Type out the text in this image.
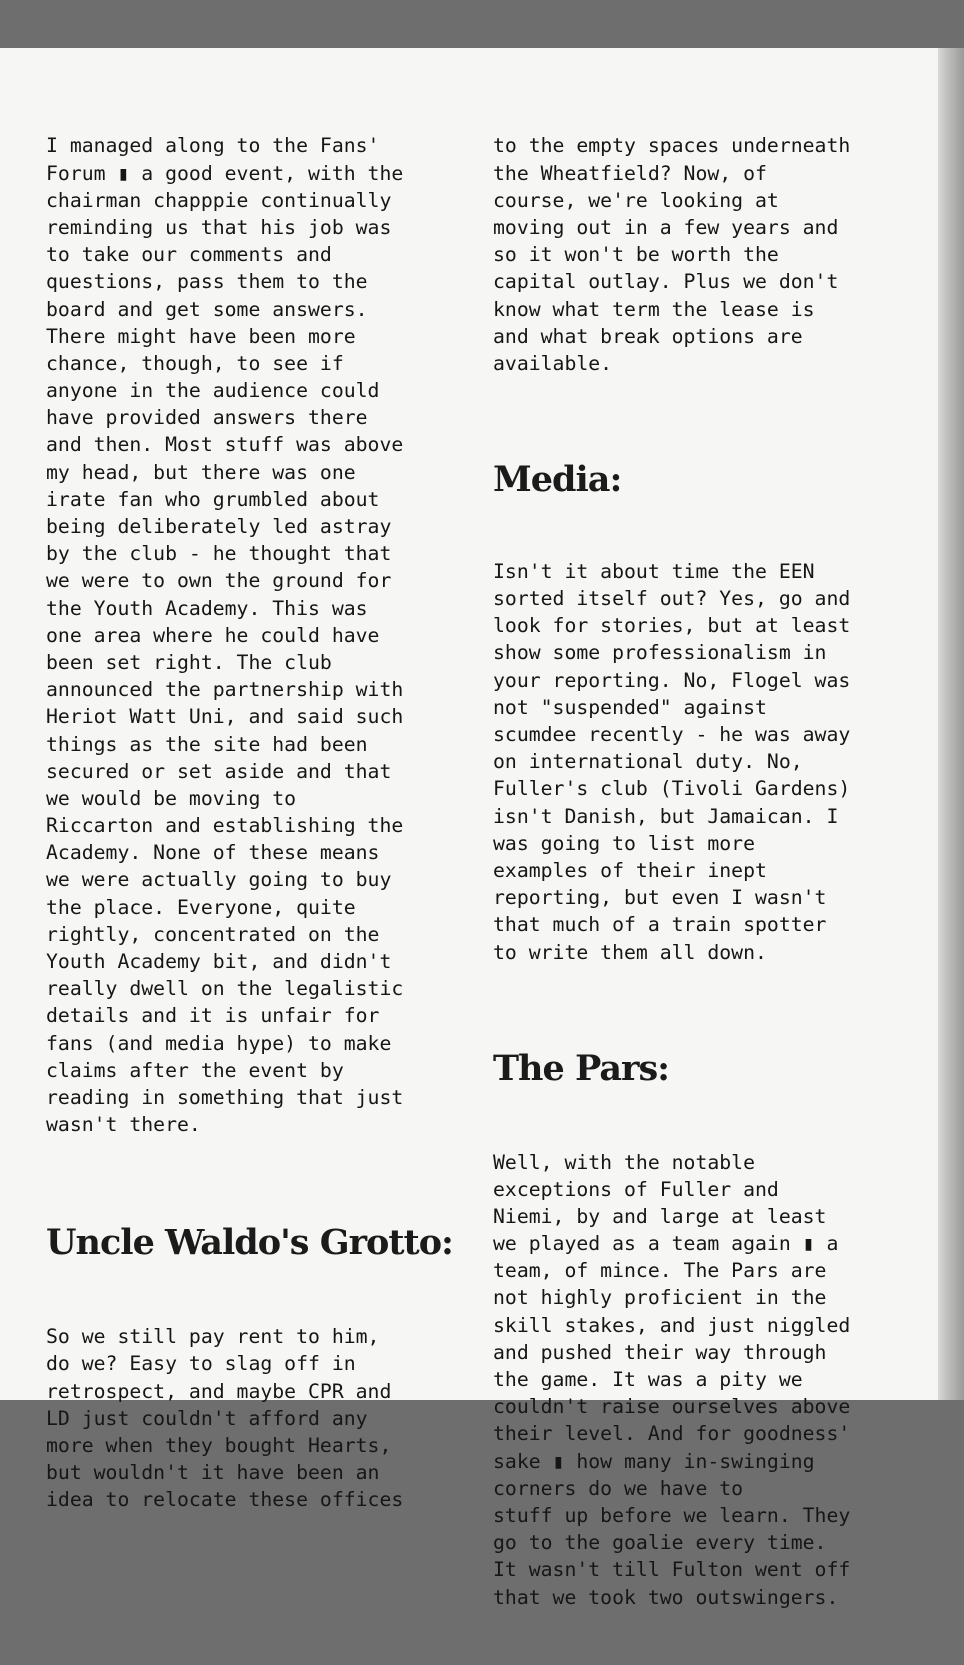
I managed along to the Fans'
Forum ▮ a good event, with the
chairman chapppie continually
reminding us that his job was
to take our comments and
questions, pass them to the
board and get some answers.
There might have been more
chance, though, to see if
anyone in the audience could
have provided answers there
and then. Most stuff was above
my head, but there was one
irate fan who grumbled about
being deliberately led astray
by the club - he thought that
we were to own the ground for
the Youth Academy. This was
one area where he could have
been set right. The club
announced the partnership with
Heriot Watt Uni, and said such
things as the site had been
secured or set aside and that
we would be moving to
Riccarton and establishing the
Academy. None of these means
we were actually going to buy
the place. Everyone, quite
rightly, concentrated on the
Youth Academy bit, and didn't
really dwell on the legalistic
details and it is unfair for
fans (and media hype) to make
claims after the event by
reading in something that just
wasn't there.

Uncle Waldo's Grotto:

So we still pay rent to him,
do we? Easy to slag off in
retrospect, and maybe CPR and
LD just couldn't afford any
more when they bought Hearts,
but wouldn't it have been an
idea to relocate these offices

to the empty spaces underneath
the Wheatfield? Now, of
course, we're looking at
moving out in a few years and
so it won't be worth the
capital outlay. Plus we don't
know what term the lease is
and what break options are
available.

Media:

Isn't it about time the EEN
sorted itself out? Yes, go and
look for stories, but at least
show some professionalism in
your reporting. No, Flogel was
not "suspended" against
scumdee recently - he was away
on international duty. No,
Fuller's club (Tivoli Gardens)
isn't Danish, but Jamaican. I
was going to list more
examples of their inept
reporting, but even I wasn't
that much of a train spotter
to write them all down.

The Pars:

Well, with the notable
exceptions of Fuller and
Niemi, by and large at least
we played as a team again ▮ a
team, of mince. The Pars are
not highly proficient in the
skill stakes, and just niggled
and pushed their way through
the game. It was a pity we
couldn't raise ourselves above
their level. And for goodness'
sake ▮ how many in-swinging
corners do we have to
stuff up before we learn. They
go to the goalie every time.
It wasn't till Fulton went off
that we took two outswingers.
